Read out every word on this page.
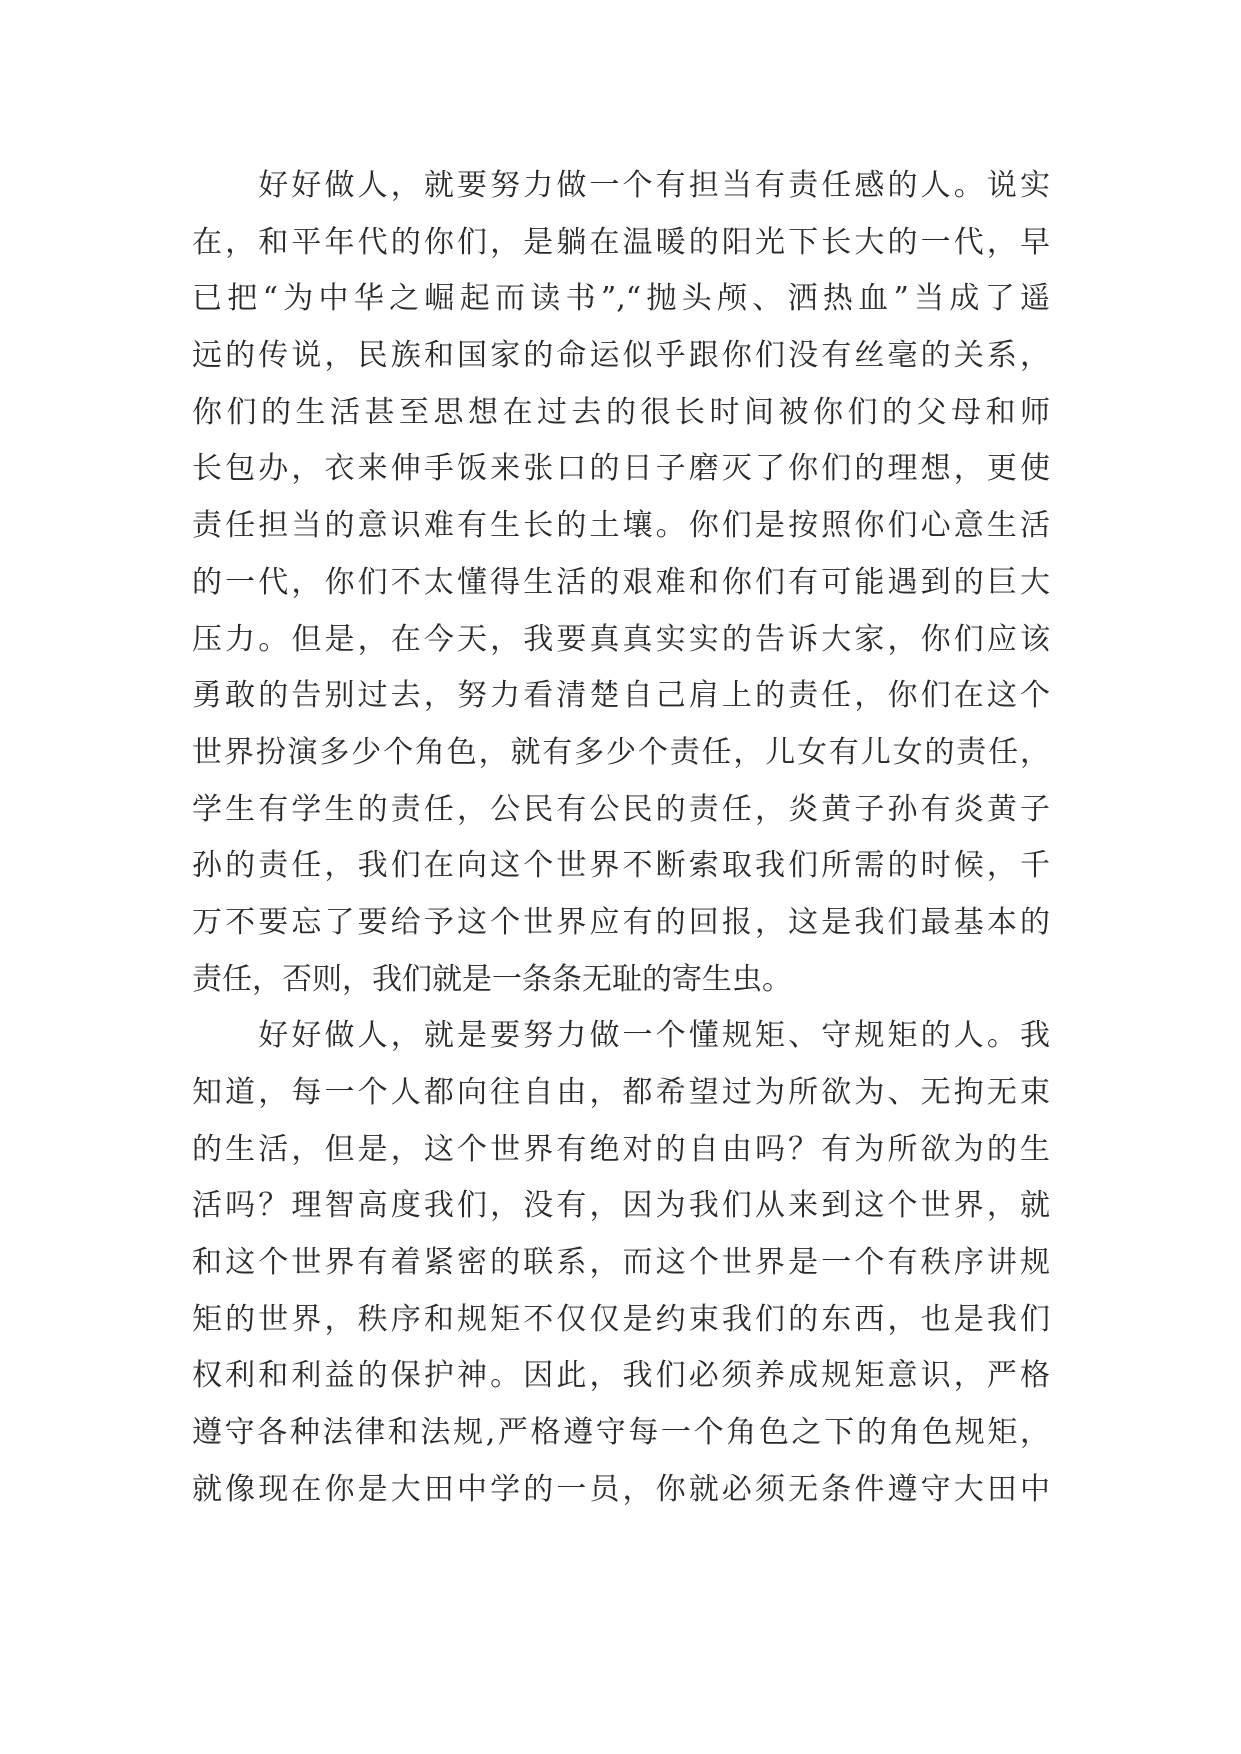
　　好好做人，就要努力做一个有担当有责任感的人。说实
在，和平年代的你们，是躺在温暖的阳光下长大的一代，早
已把“为中华之崛起而读书”,“抛头颅、洒热血”当成了遥
远的传说，民族和国家的命运似乎跟你们没有丝毫的关系，
你们的生活甚至思想在过去的很长时间被你们的父母和师
长包办，衣来伸手饭来张口的日子磨灭了你们的理想，更使
责任担当的意识难有生长的土壤。你们是按照你们心意生活
的一代，你们不太懂得生活的艰难和你们有可能遇到的巨大
压力。但是，在今天，我要真真实实的告诉大家，你们应该
勇敢的告别过去，努力看清楚自己肩上的责任，你们在这个
世界扮演多少个角色，就有多少个责任，儿女有儿女的责任，
学生有学生的责任，公民有公民的责任，炎黄子孙有炎黄子
孙的责任，我们在向这个世界不断索取我们所需的时候，千
万不要忘了要给予这个世界应有的回报，这是我们最基本的
责任，否则，我们就是一条条无耻的寄生虫。
　　好好做人，就是要努力做一个懂规矩、守规矩的人。我
知道，每一个人都向往自由，都希望过为所欲为、无拘无束
的生活，但是，这个世界有绝对的自由吗？有为所欲为的生
活吗？理智高度我们，没有，因为我们从来到这个世界，就
和这个世界有着紧密的联系，而这个世界是一个有秩序讲规
矩的世界，秩序和规矩不仅仅是约束我们的东西，也是我们
权利和利益的保护神。因此，我们必须养成规矩意识，严格
遵守各种法律和法规,严格遵守每一个角色之下的角色规矩，
就像现在你是大田中学的一员，你就必须无条件遵守大田中
